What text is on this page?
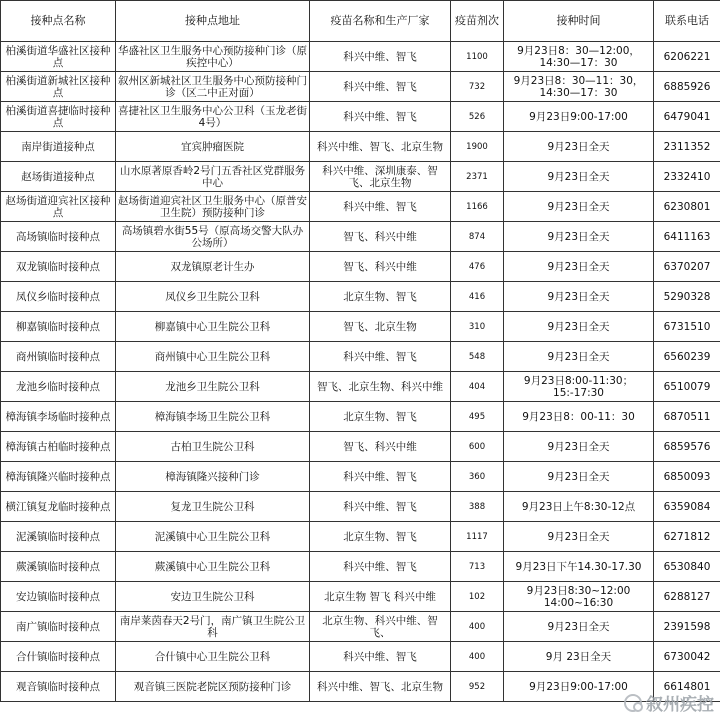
接种点名称	接种点地址	疫苗名称和生产厂家	疫苗剂次	接种时间	联系电话
柏溪街道华盛社区接种点	华盛社区卫生服务中心预防接种门诊（原疾控中心）	科兴中维、智飞	1100	9月23日8：30—12:00，14:30—17：30	6206221
柏溪街道新城社区接种点	叙州区新城社区卫生服务中心预防接种门诊（区二中正对面）	科兴中维、智飞	732	9月23日8：30—11：30，14:30—17：30	6885926
柏溪街道喜捷临时接种点	喜捷社区卫生服务中心公卫科（玉龙老街4号）	科兴中维、智飞	526	9月23日9:00-17:00	6479041
南岸街道接种点	宜宾肿瘤医院	科兴中维、智飞、北京生物	1900	9月23日全天	2311352
赵场街道接种点	山水原著原香岭2号门五香社区党群服务中心	科兴中维、深圳康泰、智飞、北京生物	2371	9月23日全天	2332410
赵场街道迎宾社区接种点	赵场街道迎宾社区卫生服务中心（原普安卫生院）预防接种门诊	科兴中维、智飞	1166	9月23日全天	6230801
高场镇临时接种点	高场镇碧水街55号（原高场交警大队办公场所）	智飞、科兴中维	874	9月23日全天	6411163
双龙镇临时接种点	双龙镇原老计生办	智飞、科兴中维	476	9月23日全天	6370207
凤仪乡临时接种点	凤仪乡卫生院公卫科	北京生物、智飞	416	9月23日全天	5290328
柳嘉镇临时接种点	柳嘉镇中心卫生院公卫科	智飞、北京生物	310	9月23日全天	6731510
商州镇临时接种点	商州镇中心卫生院公卫科	科兴中维、智飞	548	9月23日全天	6560239
龙池乡临时接种点	龙池乡卫生院公卫科	智飞、北京生物、科兴中维	404	9月23日8:00-11:30；15:-17:30	6510079
樟海镇李场临时接种点	樟海镇李场卫生院公卫科	北京生物、智飞	495	9月23日8：00-11：30	6870511
樟海镇古柏临时接种点	古柏卫生院公卫科	智飞、科兴中维	600	9月23日全天	6859576
樟海镇隆兴临时接种点	樟海镇隆兴接种门诊	科兴中维、智飞	360	9月23日全天	6850093
横江镇复龙临时接种点	复龙卫生院公卫科	科兴中维、智飞	388	9月23日上午8:30-12点	6359084
泥溪镇临时接种点	泥溪镇中心卫生院公卫科	北京生物、智飞	1117	9月23日全天	6271812
蕨溪镇临时接种点	蕨溪镇中心卫生院公卫科	科兴中维、智飞	713	9月23日下午14.30-17.30	6530840
安边镇临时接种点	安边卫生院公卫科	北京生物 智飞 科兴中维	102	9月23日8:30~12:00 14:00~16:30	6288127
南广镇临时接种点	南岸莱茵春天2号门，南广镇卫生院公卫科	北京生物、科兴中维、智飞、	400	9月23日全天	2391598
合什镇临时接种点	合什镇中心卫生院公卫科	科兴中维、智飞	400	9月 23日全天	6730042
观音镇临时接种点	观音镇三医院老院区预防接种门诊	科兴中维、智飞、北京生物	952	9月23日9:00-17:00	6614801
叙州疾控
